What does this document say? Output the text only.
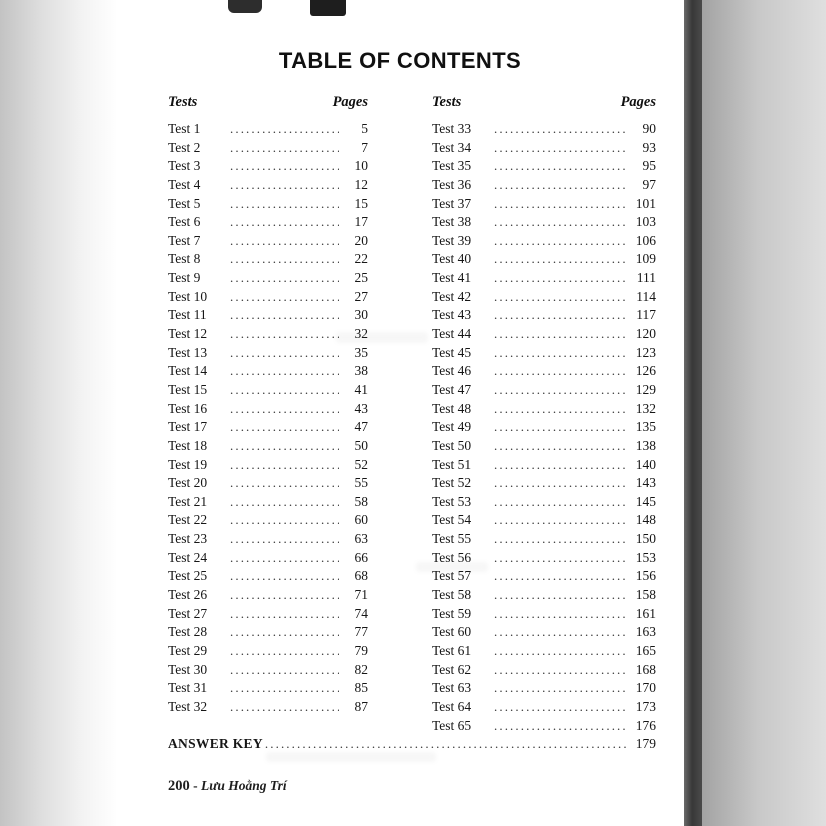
TABLE OF CONTENTS
Tests	Pages
Test 1 .....	5
Test 2 .....	7
Test 3 .....	10
Test 4 .....	12
Test 5 .....	15
Test 6 .....	17
Test 7 .....	20
Test 8 .....	22
Test 9 .....	25
Test 10 .....	27
Test 11 .....	30
Test 12 .....	32
Test 13 .....	35
Test 14 .....	38
Test 15 .....	41
Test 16 .....	43
Test 17 .....	47
Test 18 .....	50
Test 19 .....	52
Test 20 .....	55
Test 21 .....	58
Test 22 .....	60
Test 23 .....	63
Test 24 .....	66
Test 25 .....	68
Test 26 .....	71
Test 27 .....	74
Test 28 .....	77
Test 29 .....	79
Test 30 .....	82
Test 31 .....	85
Test 32 .....	87
Tests	Pages
Test 33 .....	90
Test 34 .....	93
Test 35 .....	95
Test 36 .....	97
Test 37 .....	101
Test 38 .....	103
Test 39 .....	106
Test 40 .....	109
Test 41 .....	111
Test 42 .....	114
Test 43 .....	117
Test 44 .....	120
Test 45 .....	123
Test 46 .....	126
Test 47 .....	129
Test 48 .....	132
Test 49 .....	135
Test 50 .....	138
Test 51 .....	140
Test 52 .....	143
Test 53 .....	145
Test 54 .....	148
Test 55 .....	150
Test 56 .....	153
Test 57 .....	156
Test 58 .....	158
Test 59 .....	161
Test 60 .....	163
Test 61 .....	165
Test 62 .....	168
Test 63 .....	170
Test 64 .....	173
Test 65 .....	176
ANSWER KEY .....	179
200 - Lưu Hoằng Trí
